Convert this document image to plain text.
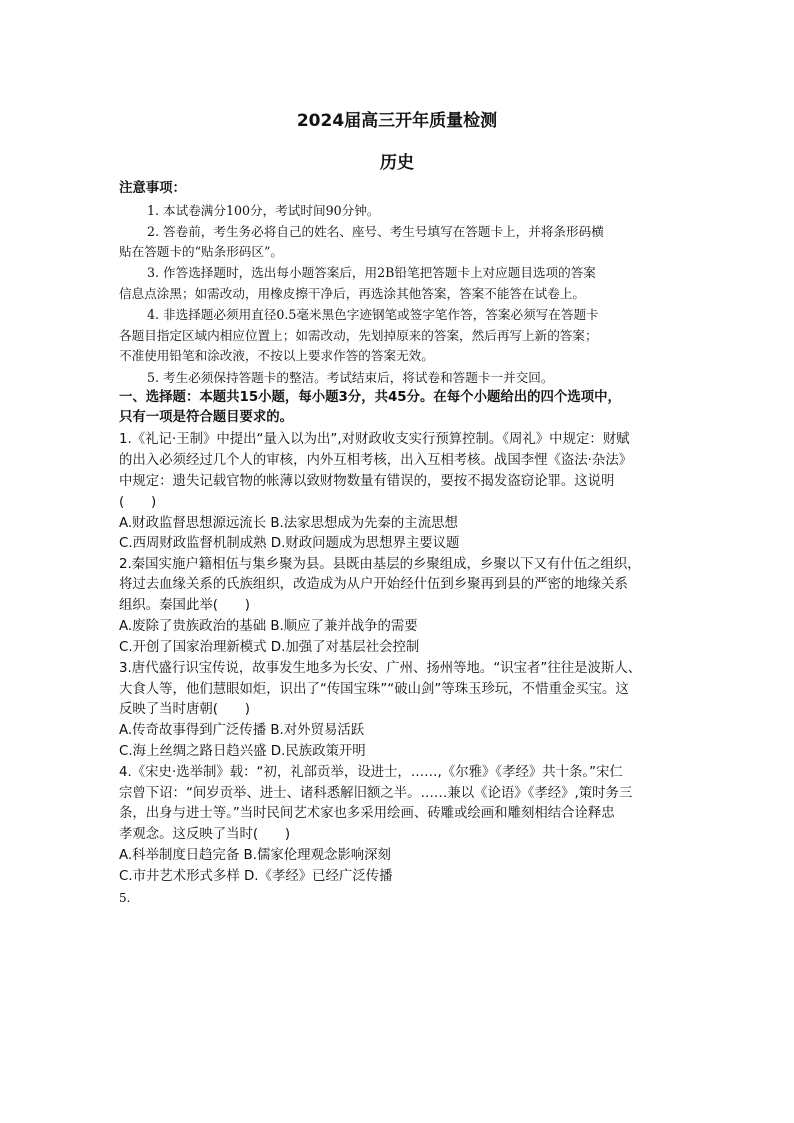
2024届高三开年质量检测
历史
注意事项：
1. 本试卷满分100分，考试时间90分钟。
2. 答卷前，考生务必将自己的姓名、座号、考生号填写在答题卡上，并将条形码横
贴在答题卡的“贴条形码区”。
3. 作答选择题时，选出每小题答案后，用2B铅笔把答题卡上对应题目选项的答案
信息点涂黑；如需改动，用橡皮擦干净后，再选涂其他答案，答案不能答在试卷上。
4. 非选择题必须用直径0.5毫米黑色字迹钢笔或签字笔作答，答案必须写在答题卡
各题目指定区域内相应位置上；如需改动，先划掉原来的答案，然后再写上新的答案；
不准使用铅笔和涂改液，不按以上要求作答的答案无效。
5. 考生必须保持答题卡的整洁。考试结束后，将试卷和答题卡一并交回。
一、选择题：本题共15小题，每小题3分，共45分。在每个小题给出的四个选项中，
只有一项是符合题目要求的。
1.《礼记·王制》中提出“量入以为出”,对财政收支实行预算控制。《周礼》中规定：财赋
的出入必须经过几个人的审核，内外互相考核，出入互相考核。战国李悝《盗法·杂法》
中规定：遗失记载官物的帐薄以致财物数量有错误的，要按不揭发盗窃论罪。这说明
(　　)
A.财政监督思想源远流长 B.法家思想成为先秦的主流思想
C.西周财政监督机制成熟 D.财政问题成为思想界主要议题
2.秦国实施户籍相伍与集乡聚为县。县既由基层的乡聚组成，乡聚以下又有什伍之组织，
将过去血缘关系的氏族组织，改造成为从户开始经什伍到乡聚再到县的严密的地缘关系
组织。秦国此举(　　)
A.废除了贵族政治的基础 B.顺应了兼并战争的需要
C.开创了国家治理新模式 D.加强了对基层社会控制
3.唐代盛行识宝传说，故事发生地多为长安、广州、扬州等地。“识宝者”往往是波斯人、
大食人等，他们慧眼如炬，识出了“传国宝珠”“破山剑”等珠玉珍玩，不惜重金买宝。这
反映了当时唐朝(　　)
A.传奇故事得到广泛传播 B.对外贸易活跃
C.海上丝绸之路日趋兴盛 D.民族政策开明
4.《宋史·选举制》载：“初，礼部贡举，设进士，……,《尔雅》《孝经》共十条。”宋仁
宗曾下诏：“间岁贡举、进士、诸科悉解旧额之半。……兼以《论语》《孝经》,策时务三
条，出身与进士等。”当时民间艺术家也多采用绘画、砖雕或绘画和雕刻相结合诠释忠
孝观念。这反映了当时(　　)
A.科举制度日趋完备 B.儒家伦理观念影响深刻
C.市井艺术形式多样 D.《孝经》已经广泛传播
5.
